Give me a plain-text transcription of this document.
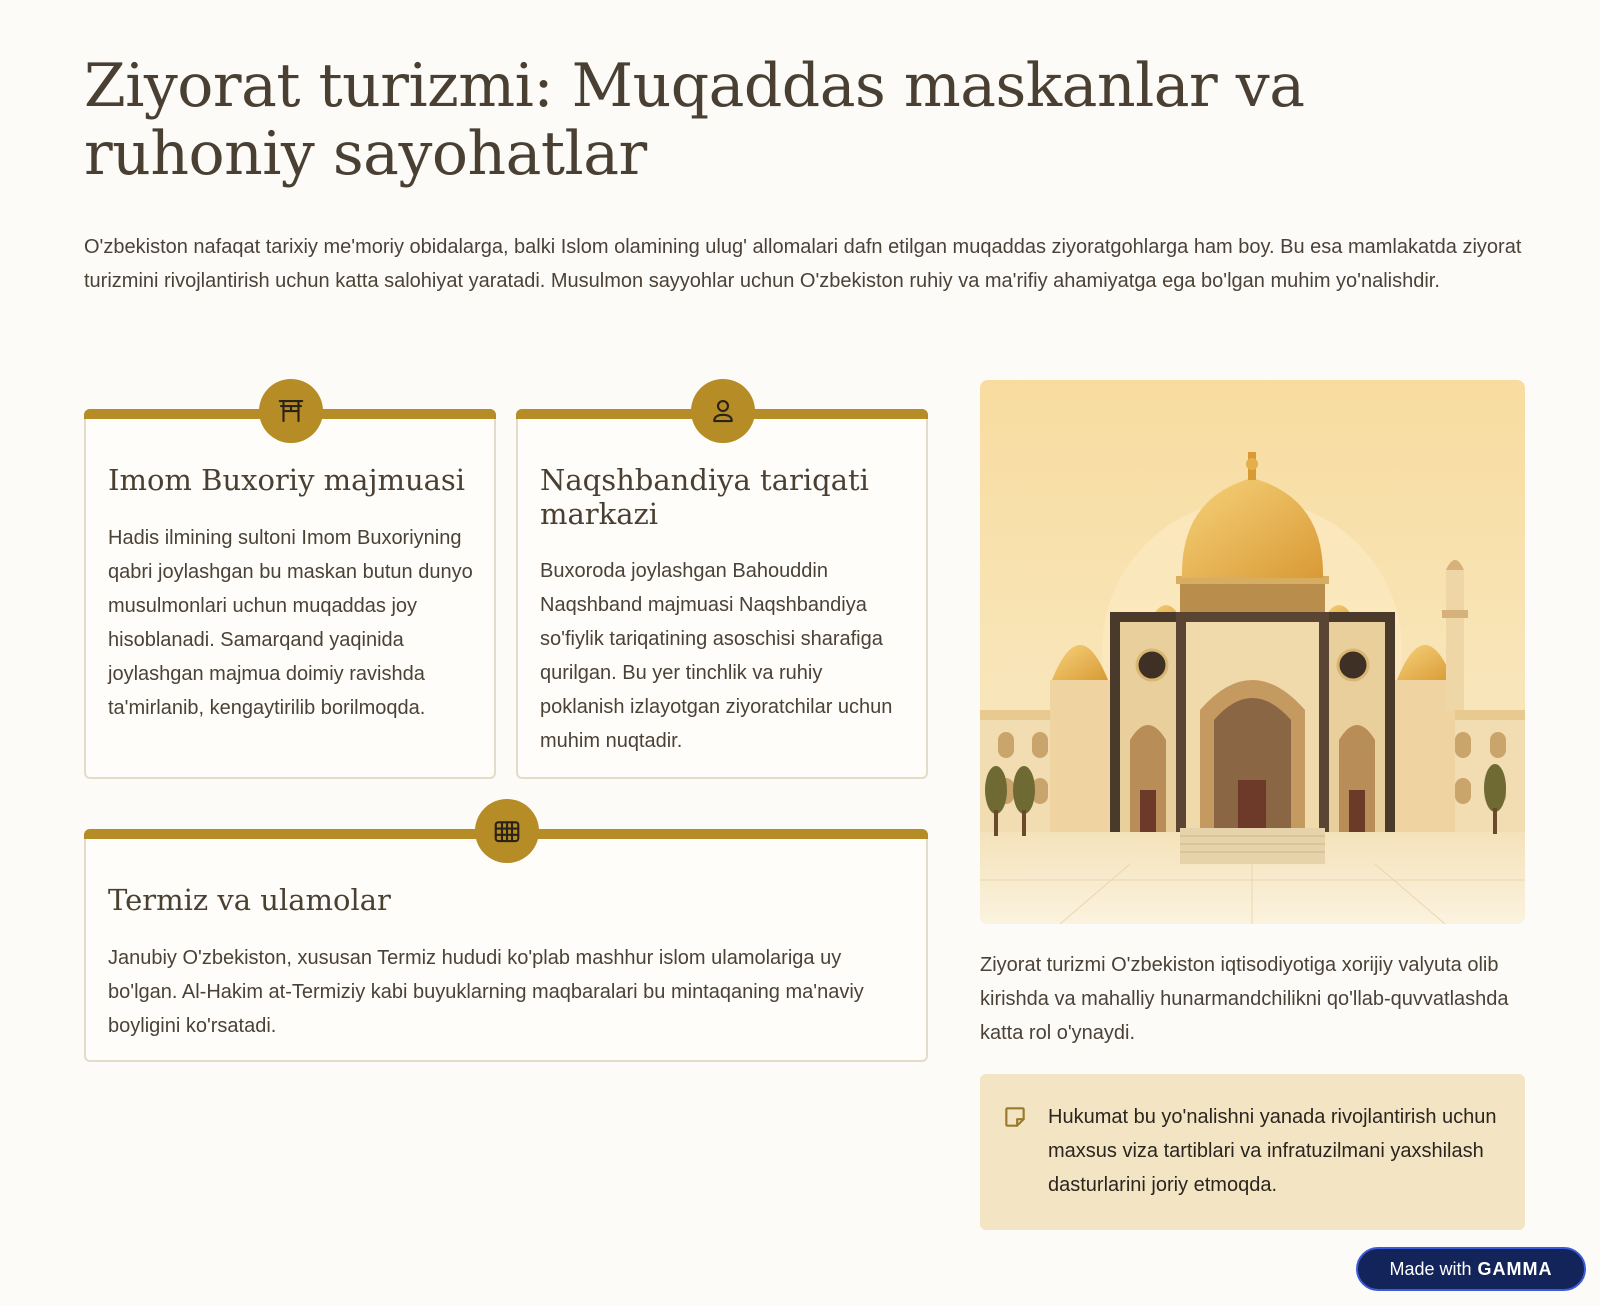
Ziyorat turizmi: Muqaddas maskanlar va ruhoniy sayohatlar

O'zbekiston nafaqat tarixiy me'moriy obidalarga, balki Islom olamining ulug' allomalari dafn etilgan muqaddas ziyoratgohlarga ham boy. Bu esa mamlakatda ziyorat turizmini rivojlantirish uchun katta salohiyat yaratadi. Musulmon sayyohlar uchun O'zbekiston ruhiy va ma'rifiy ahamiyatga ega bo'lgan muhim yo'nalishdir.

Imom Buxoriy majmuasi

Hadis ilmining sultoni Imom Buxoriyning qabri joylashgan bu maskan butun dunyo musulmonlari uchun muqaddas joy hisoblanadi. Samarqand yaqinida joylashgan majmua doimiy ravishda ta'mirlanib, kengaytirilib borilmoqda.

Naqshbandiya tariqati markazi

Buxoroda joylashgan Bahouddin Naqshband majmuasi Naqshbandiya so'fiylik tariqatining asoschisi sharafiga qurilgan. Bu yer tinchlik va ruhiy poklanish izlayotgan ziyoratchilar uchun muhim nuqtadir.

Termiz va ulamolar

Janubiy O'zbekiston, xususan Termiz hududi ko'plab mashhur islom ulamolariga uy bo'lgan. Al-Hakim at-Termiziy kabi buyuklarning maqbaralari bu mintaqaning ma'naviy boyligini ko'rsatadi.

Ziyorat turizmi O'zbekiston iqtisodiyotiga xorijiy valyuta olib kirishda va mahalliy hunarmandchilikni qo'llab-quvvatlashda katta rol o'ynaydi.

Hukumat bu yo'nalishni yanada rivojlantirish uchun maxsus viza tartiblari va infratuzilmani yaxshilash dasturlarini joriy etmoqda.

Made with GAMMA
